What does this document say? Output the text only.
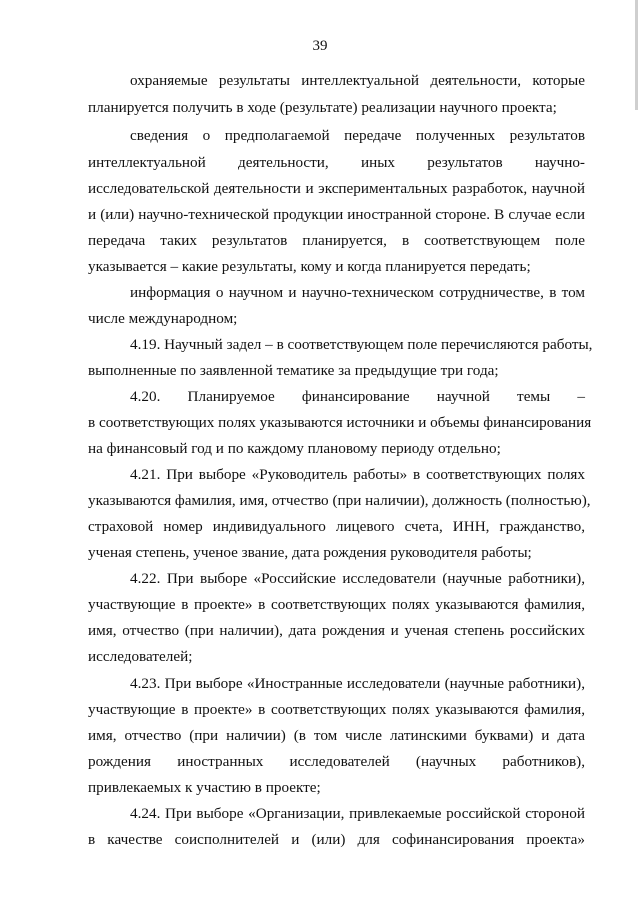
39
охраняемые результаты интеллектуальной деятельности, которые
планируется получить в ходе (результате) реализации научного проекта;
сведения о предполагаемой передаче полученных результатов
интеллектуальной деятельности, иных результатов научно-
исследовательской деятельности и экспериментальных разработок, научной
и (или) научно-технической продукции иностранной стороне. В случае если
передача таких результатов планируется, в соответствующем поле
указывается – какие результаты, кому и когда планируется передать;
информация о научном и научно-техническом сотрудничестве, в том
числе международном;
4.19. Научный задел – в соответствующем поле перечисляются работы,
выполненные по заявленной тематике за предыдущие три года;
4.20. Планируемое финансирование научной темы –
в соответствующих полях указываются источники и объемы финансирования
на финансовый год и по каждому плановому периоду отдельно;
4.21. При выборе «Руководитель работы» в соответствующих полях
указываются фамилия, имя, отчество (при наличии), должность (полностью),
страховой номер индивидуального лицевого счета, ИНН, гражданство,
ученая степень, ученое звание, дата рождения руководителя работы;
4.22. При выборе «Российские исследователи (научные работники),
участвующие в проекте» в соответствующих полях указываются фамилия,
имя, отчество (при наличии), дата рождения и ученая степень российских
исследователей;
4.23. При выборе «Иностранные исследователи (научные работники),
участвующие в проекте» в соответствующих полях указываются фамилия,
имя, отчество (при наличии) (в том числе латинскими буквами) и дата
рождения иностранных исследователей (научных работников),
привлекаемых к участию в проекте;
4.24. При выборе «Организации, привлекаемые российской стороной
в качестве соисполнителей и (или) для софинансирования проекта»
